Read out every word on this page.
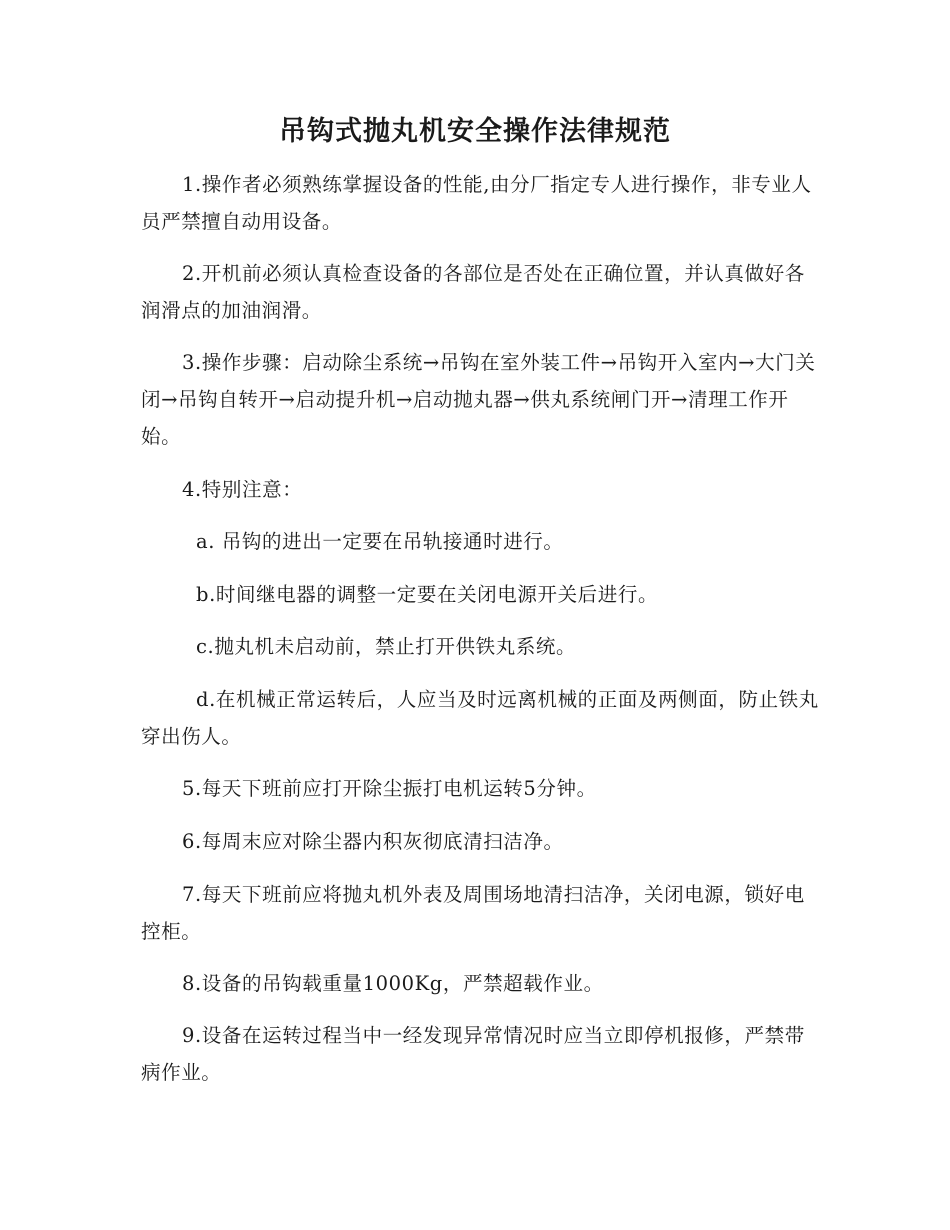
吊钩式抛丸机安全操作法律规范

1.操作者必须熟练掌握设备的性能,由分厂指定专人进行操作，非专业人员严禁擅自动用设备。

2.开机前必须认真检查设备的各部位是否处在正确位置，并认真做好各润滑点的加油润滑。

3.操作步骤：启动除尘系统→吊钩在室外装工件→吊钩开入室内→大门关闭→吊钩自转开→启动提升机→启动抛丸器→供丸系统闸门开→清理工作开始。

4.特别注意：

a. 吊钩的进出一定要在吊轨接通时进行。

b.时间继电器的调整一定要在关闭电源开关后进行。

c.抛丸机未启动前，禁止打开供铁丸系统。

d.在机械正常运转后，人应当及时远离机械的正面及两侧面，防止铁丸穿出伤人。

5.每天下班前应打开除尘振打电机运转5分钟。

6.每周末应对除尘器内积灰彻底清扫洁净。

7.每天下班前应将抛丸机外表及周围场地清扫洁净，关闭电源，锁好电控柜。

8.设备的吊钩载重量1000Kg，严禁超载作业。

9.设备在运转过程当中一经发现异常情况时应当立即停机报修，严禁带病作业。
